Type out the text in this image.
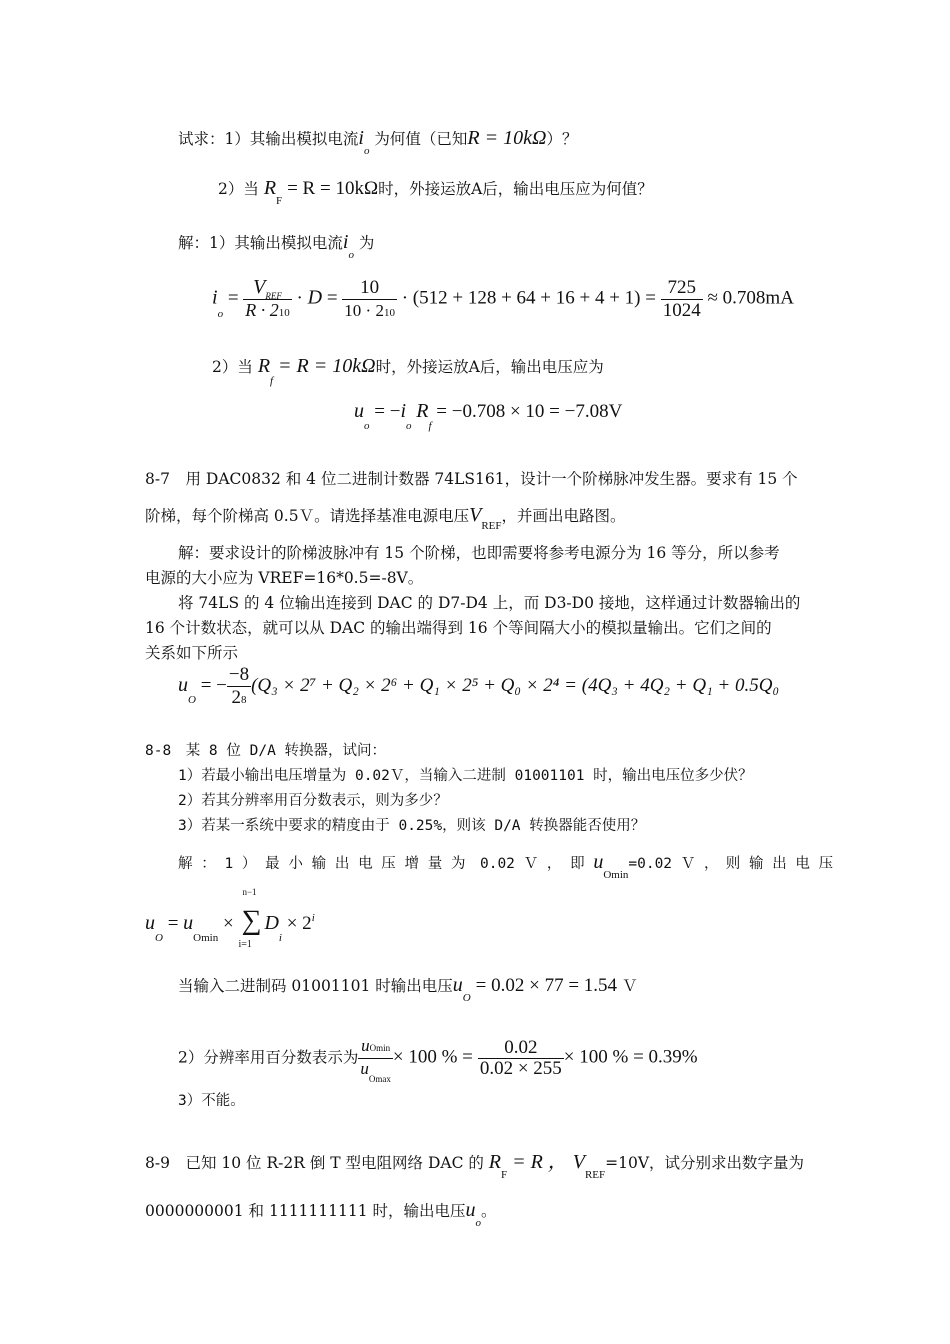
试求：1）其输出模拟电流$i_o$ 为何值（已知R = 10kΩ）？
2）当 $R_F = R = 10k\Omega$时，外接运放A后，输出电压应为何值？
解：1）其输出模拟电流$i_o$ 为
$i_o = \frac{V_{REF}}{R \cdot 210} \cdot D = \frac{10}{10 \cdot 210} \cdot (512 + 128 + 64 + 16 + 4 + 1) = \frac{725}{1024} \approx 0.708mA$
2）当 $R_f = R = 10k\Omega$时，外接运放A后，输出电压应为
$u_o = -i_o$ $R_f = -0.708 \times 10 = -7.08V$
8-7　用 DAC0832 和 4 位二进制计数器 74LS161，设计一个阶梯脉冲发生器。要求有 15 个
阶梯，每个阶梯高 0.5Ｖ。请选择基准电源电压$V_{REF}$，并画出电路图。
解：要求设计的阶梯波脉冲有 15 个阶梯，也即需要将参考电源分为 16 等分，所以参考
电源的大小应为 VREF=16*0.5=-8V。
将 74LS 的 4 位输出连接到 DAC 的 D7-D4 上，而 D3-D0 接地，这样通过计数器输出的
16 个计数状态，就可以从 DAC 的输出端得到 16 个等间隔大小的模拟量输出。它们之间的
关系如下所示
$u_O$ = − $\frac{-8}{28} (Q_3 \times 2^7 + Q_2 \times 2^6 + Q_1 \times 2^5 + Q_0 \times 2^4 = (4Q_3 + 4Q_2 + Q_1 + 0.5Q_0$
8-8　某 8 位 D/A 转换器，试问：
1）若最小输出电压增量为 0.02Ｖ，当输入二进制 01001101 时，输出电压位多少伏？
2）若其分辨率用百分数表示，则为多少？
3）若某一系统中要求的精度由于 0.25%，则该 D/A 转换器能否使用？
解 ： 1 ） 最 小 输 出 电 压 增 量 为　0.02 Ｖ ， 即 $u_{Omin}=0.02$ Ｖ ，　则 输 出 电 压
$u_O = u_{Omin}$ ×
n−1
∑
i=1
$D_i \times 2^i$
当输入二进制码 01001101 时输出电压$u_O = 0.02 \times 77 = 1.54$ Ｖ
2）分辨率用百分数表示为 $\frac{uOmin}{u_{Omax}} \times 100$ % = $\frac{0.02}{0.02 \times 255} \times 100$ % = 0.39%
3）不能。
8-9　已知 10 位 R-2R 倒 T 型电阻网络 DAC 的 $R_F = R$ ， $V_{REF}=10V$，试分别求出数字量为
0000000001 和 1111111111 时，输出电压$u_o$。
